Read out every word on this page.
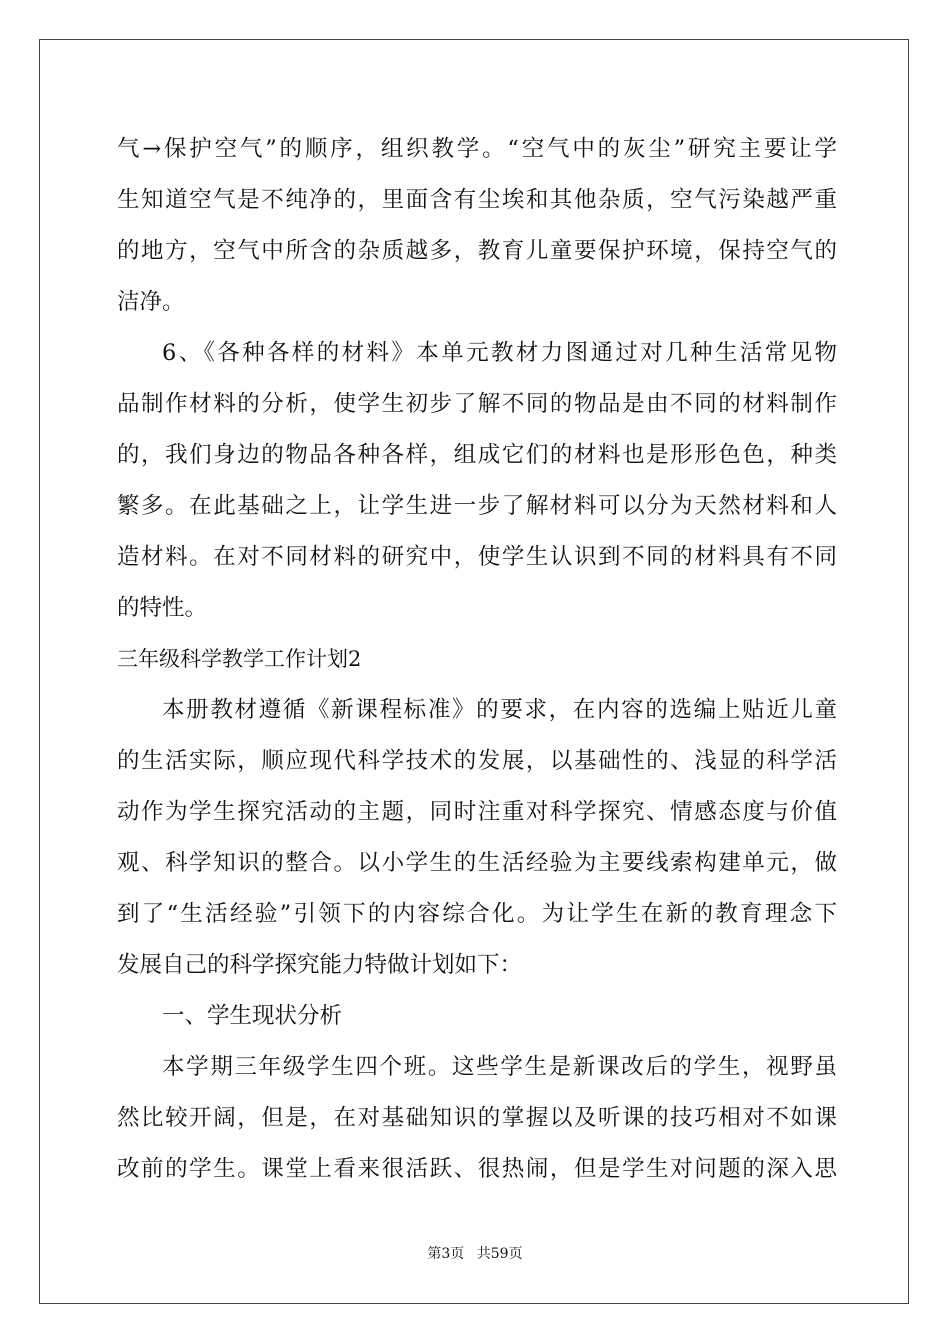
气→保护空气”的顺序，组织教学。“空气中的灰尘”研究主要让学
生知道空气是不纯净的，里面含有尘埃和其他杂质，空气污染越严重
的地方，空气中所含的杂质越多，教育儿童要保护环境，保持空气的
洁净。
6、《各种各样的材料》本单元教材力图通过对几种生活常见物
品制作材料的分析，使学生初步了解不同的物品是由不同的材料制作
的，我们身边的物品各种各样，组成它们的材料也是形形色色，种类
繁多。在此基础之上，让学生进一步了解材料可以分为天然材料和人
造材料。在对不同材料的研究中，使学生认识到不同的材料具有不同
的特性。
三年级科学教学工作计划2
本册教材遵循《新课程标准》的要求，在内容的选编上贴近儿童
的生活实际，顺应现代科学技术的发展，以基础性的、浅显的科学活
动作为学生探究活动的主题，同时注重对科学探究、情感态度与价值
观、科学知识的整合。以小学生的生活经验为主要线索构建单元，做
到了“生活经验”引领下的内容综合化。为让学生在新的教育理念下
发展自己的科学探究能力特做计划如下：
一、学生现状分析
本学期三年级学生四个班。这些学生是新课改后的学生，视野虽
然比较开阔，但是，在对基础知识的掌握以及听课的技巧相对不如课
改前的学生。课堂上看来很活跃、很热闹，但是学生对问题的深入思
第3页 共59页
